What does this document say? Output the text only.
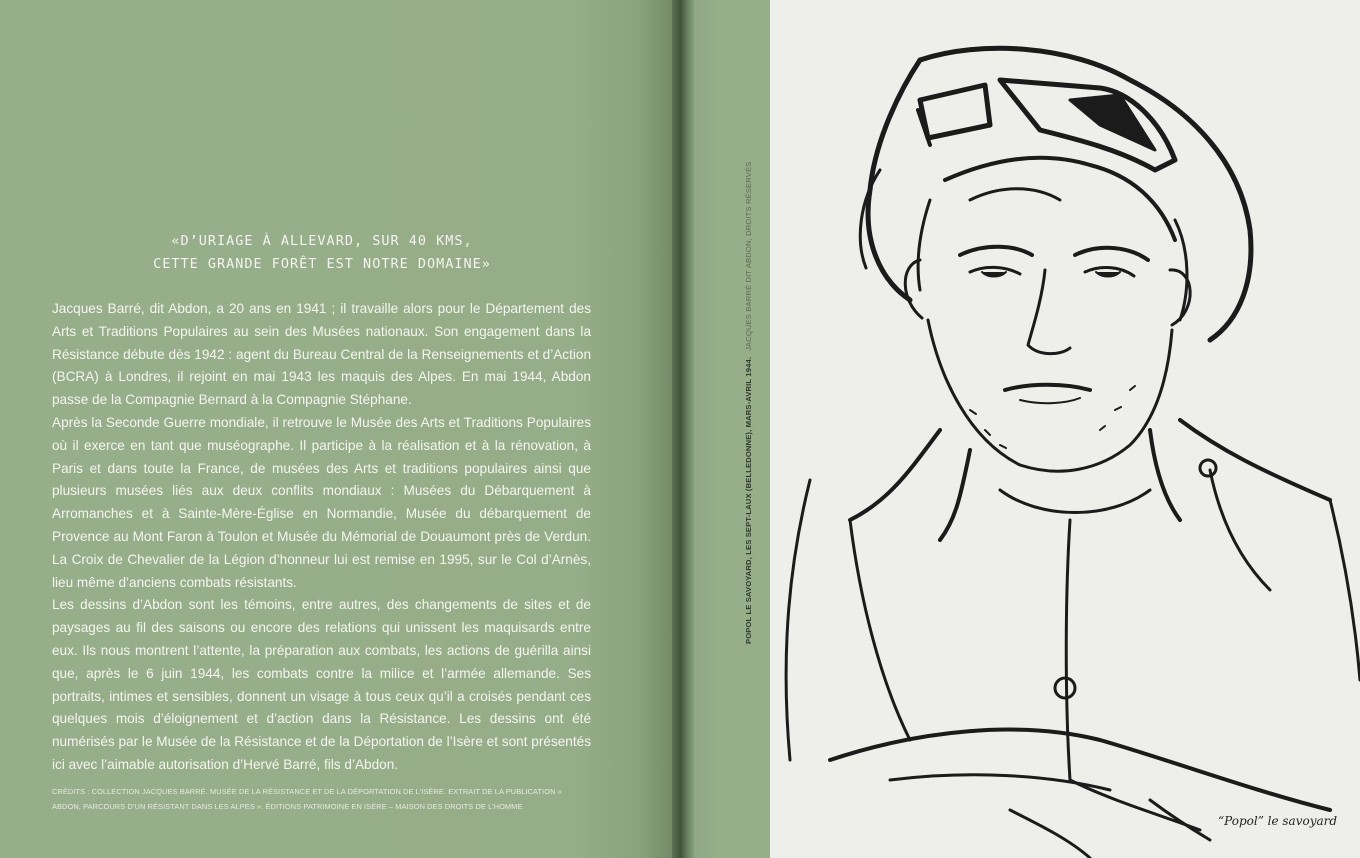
«D’URIAGE À ALLEVARD, SUR 40 KMS,
CETTE GRANDE FORÊT EST NOTRE DOMAINE»

Jacques Barré, dit Abdon, a 20 ans en 1941 ; il travaille alors pour le Département des Arts et Traditions Populaires au sein des Musées nationaux. Son engagement dans la Résistance débute dès 1942 : agent du Bureau Central de la Renseignements et d’Action (BCRA) à Londres, il rejoint en mai 1943 les maquis des Alpes. En mai 1944, Abdon passe de la Compagnie Bernard à la Compagnie Stéphane.

Après la Seconde Guerre mondiale, il retrouve le Musée des Arts et Traditions Populaires où il exerce en tant que muséographe. Il participe à la réalisation et à la rénovation, à Paris et dans toute la France, de musées des Arts et traditions populaires ainsi que plusieurs musées liés aux deux conflits mondiaux : Musées du Débarquement à Arromanches et à Sainte-Mère-Église en Normandie, Musée du débarquement de Provence au Mont Faron à Toulon et Musée du Mémorial de Douaumont près de Verdun. La Croix de Chevalier de la Légion d’honneur lui est remise en 1995, sur le Col d’Arnès, lieu même d’anciens combats résistants.

Les dessins d’Abdon sont les témoins, entre autres, des changements de sites et de paysages au fil des saisons ou encore des relations qui unissent les maquisards entre eux. Ils nous montrent l’attente, la préparation aux combats, les actions de guérilla ainsi que, après le 6 juin 1944, les combats contre la milice et l’armée allemande. Ses portraits, intimes et sensibles, donnent un visage à tous ceux qu’il a croisés pendant ces quelques mois d’éloignement et d’action dans la Résistance. Les dessins ont été numérisés par le Musée de la Résistance et de la Déportation de l’Isère et sont présentés ici avec l’aimable autorisation d’Hervé Barré, fils d’Abdon.

CRÉDITS : COLLECTION JACQUES BARRÉ. MUSÉE DE LA RÉSISTANCE ET DE LA DÉPORTATION DE L’ISÈRE. EXTRAIT DE LA PUBLICATION « ABDON, PARCOURS D’UN RÉSISTANT DANS LES ALPES ». ÉDITIONS PATRIMOINE EN ISÈRE – MAISON DES DROITS DE L’HOMME
POPOL LE SAVOYARD, LES SEPT-LAUX (BELLEDONNE), MARS-AVRIL 1944.JACQUES BARRÉ DIT ABDON, DROITS RÉSERVÉS
“Popol” le savoyard
